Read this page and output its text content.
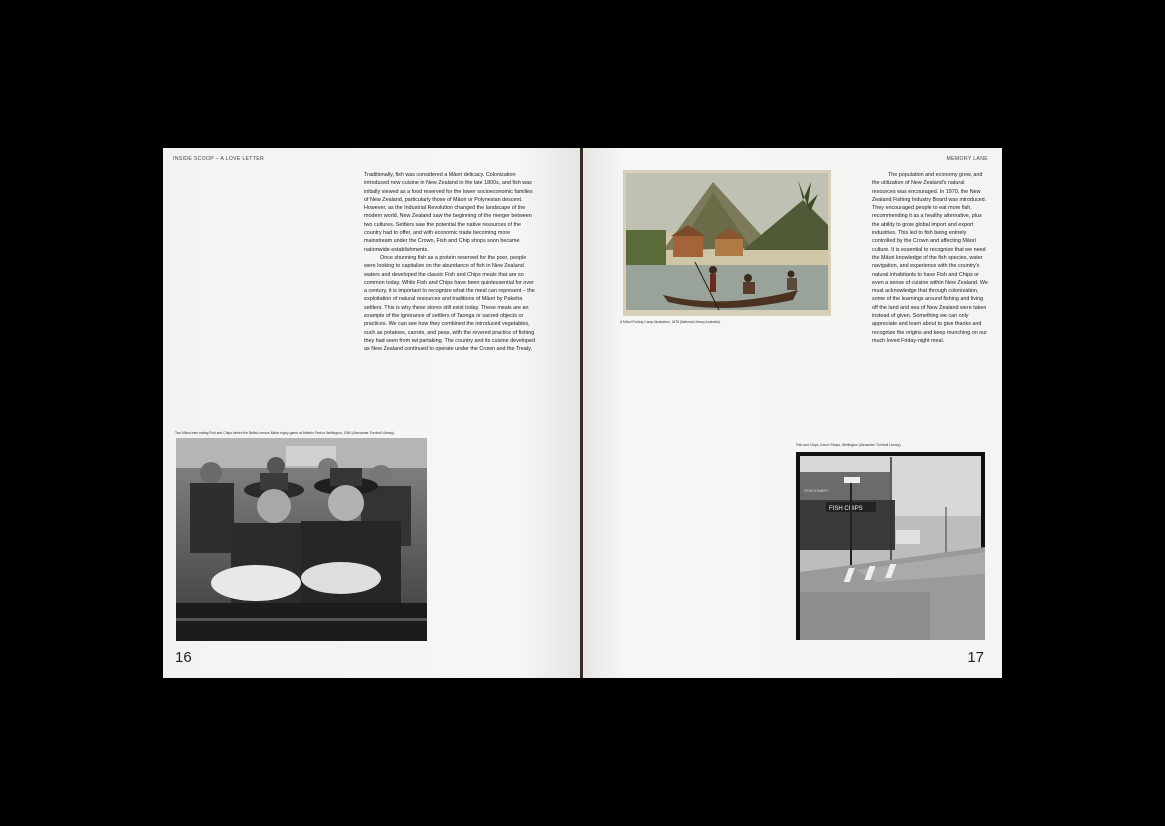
INSIDE SCOOP – A LOVE LETTER

Traditionally, fish was considered a Māori delicacy. Colonization introduced new cuisine in New Zealand in the late 1800s, and fish was initially viewed as a food reserved for the lower socioeconomic families of New Zealand, particularly those of Māori or Polynesian descent. However, as the Industrial Revolution changed the landscape of the modern world, New Zealand saw the beginning of the merger between two cultures. Settlers saw the potential the native resources of the country had to offer, and with economic trade becoming more mainstream under the Crown, Fish and Chip shops soon became nationwide establishments.

Once shunning fish as a protein reserved for the poor, people were looking to capitalize on the abundance of fish in New Zealand waters and developed the classic Fish and Chips meals that are so common today. While Fish and Chips have been quintessential for over a century, it is important to recognize what the meal can represent – the exploitation of natural resources and traditions of Māori by Pakeha settlers. This is why these stores still exist today. These meals are an example of the ignorance of settlers of Taonga or sacred objects or practices. We can see how they combined the introduced vegetables, such as potatoes, carrots, and peas, with the revered practice of fishing they had seen from iwi partaking. The country and its cuisine developed as New Zealand continued to operate under the Crown and the Treaty.

Two Māori men eating Fish and Chips before the British-versus-Māori rugby game at Athletic Park in Wellington, 1950 (Alexander Turnbull Library).
16
MEMORY LANE
A Māori Fishing Camp illustration, 1878 (National Library Australia).

The population and economy grew, and the utilization of New Zealand's natural resources was encouraged. In 1970, the New Zealand Fishing Industry Board was introduced. They encouraged people to eat more fish, recommending it as a healthy alternative, plus the ability to grow global import and export industries. This led to fish being entirely controlled by the Crown and affecting Māori culture. It is essential to recognize that we need the Māori knowledge of the fish species, water navigation, and experience with the country's natural inhabitants to have Fish and Chips or even a sense of cuisine within New Zealand. We must acknowledge that through colonization, some of the learnings around fishing and living off the land and sea of New Zealand were taken instead of given. Something we can only appreciate and learn about to give thanks and recognize the origins and keep munching on our much loved Friday-night meal.

Fish and Chips, Karori Shops, Wellington (Alexander Turnbull Library).
FISH CHIPS
STATIONERY
17
